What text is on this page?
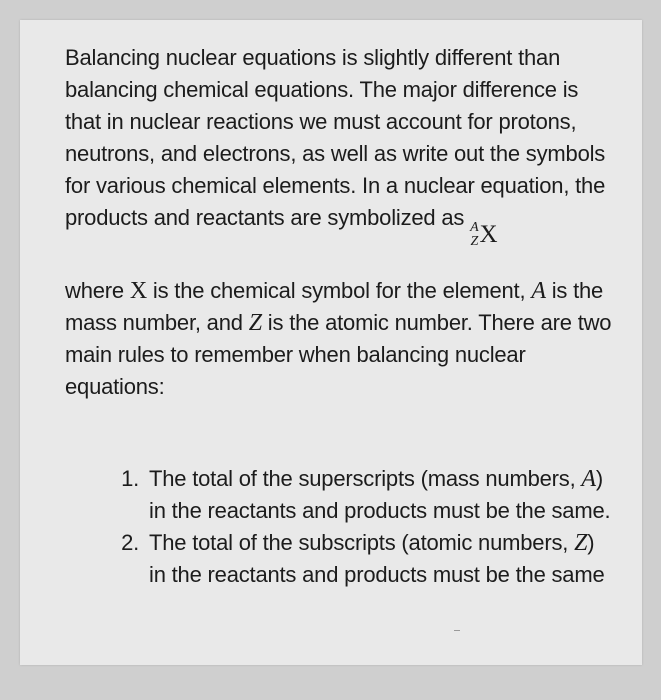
Balancing nuclear equations is slightly different than balancing chemical equations. The major difference is that in nuclear reactions we must account for protons, neutrons, and electrons, as well as write out the symbols for various chemical elements. In a nuclear equation, the products and reactants are symbolized as A
Z X

where X is the chemical symbol for the element, A is the mass number, and Z is the atomic number. There are two main rules to remember when balancing nuclear equations:

1. The total of the superscripts (mass numbers, A) in the reactants and products must be the same.
2. The total of the subscripts (atomic numbers, Z) in the reactants and products must be the same
